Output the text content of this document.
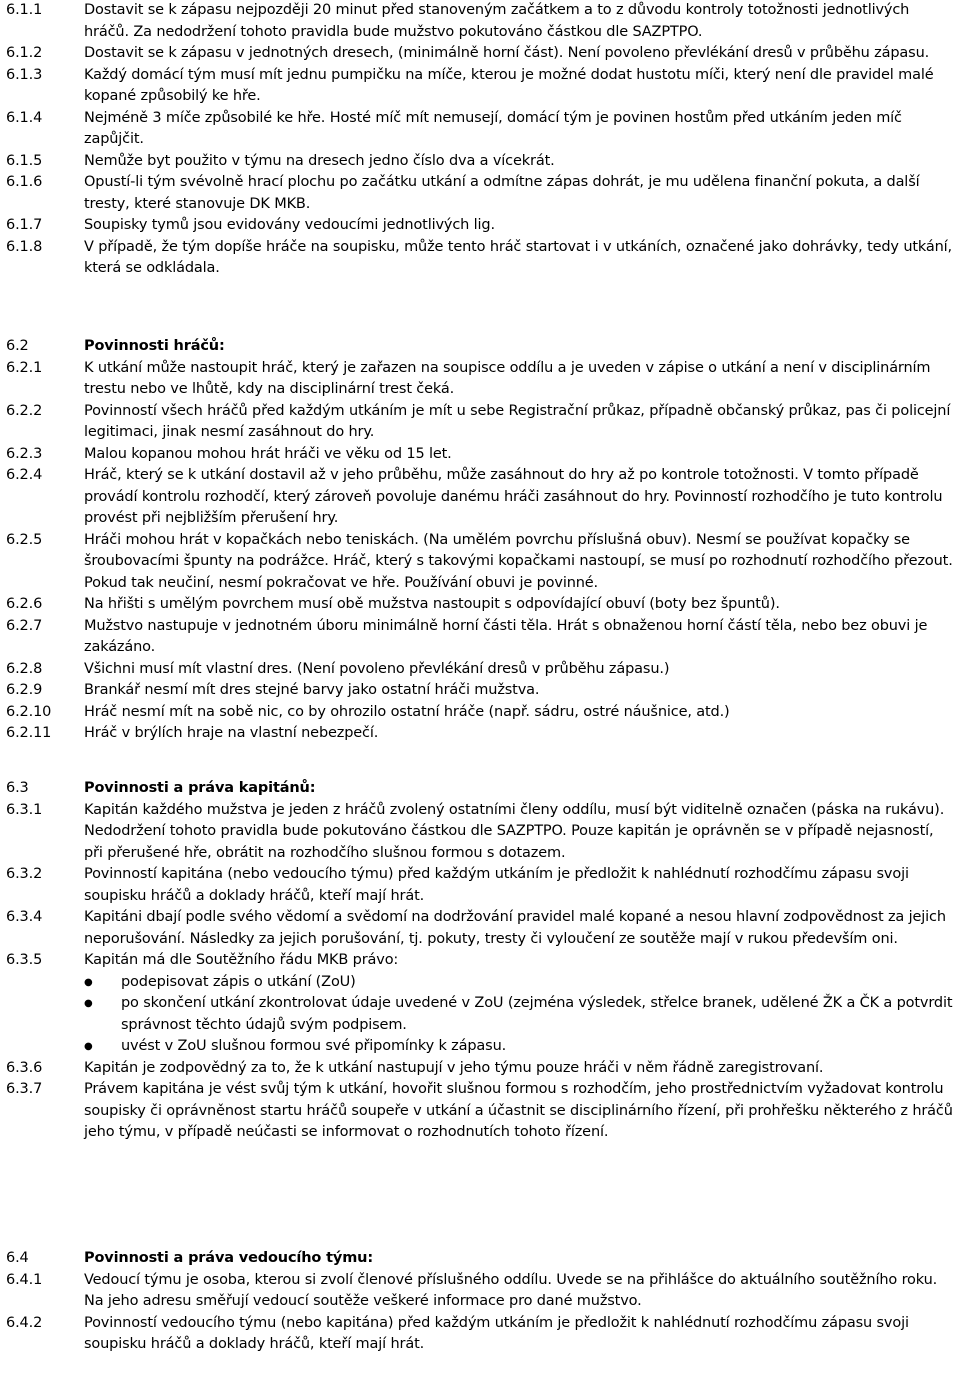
6.1.1	Dostavit se k zápasu nejpozději 20 minut před stanoveným začátkem a to z důvodu kontroly totožnosti jednotlivých hráčů. Za nedodržení tohoto pravidla bude mužstvo pokutováno částkou dle SAZPTPO.
6.1.2	Dostavit se k zápasu v jednotných dresech, (minimálně horní část). Není povoleno převlékání dresů v průběhu zápasu.
6.1.3	Každý domácí tým musí mít jednu pumpičku na míče, kterou je možné dodat hustotu míči, který není dle pravidel malé kopané způsobilý ke hře.
6.1.4	Nejméně 3 míče způsobilé ke hře. Hosté míč mít nemusejí, domácí tým je povinen hostům před utkáním jeden míč zapůjčit.
6.1.5	Nemůže byt použito v týmu na dresech jedno číslo dva a vícekrát.
6.1.6	Opustí-li tým svévolně hrací plochu po začátku utkání a odmítne zápas dohrát, je mu udělena finanční pokuta, a další tresty, které stanovuje DK MKB.
6.1.7	Soupisky tymů jsou evidovány vedoucími jednotlivých lig.
6.1.8	V případě, že tým dopíše hráče na soupisku, může tento hráč startovat i v utkáních, označené jako dohrávky, tedy utkání, která se odkládala.
6.2	Povinnosti hráčů:
6.2.1	K utkání může nastoupit hráč, který je zařazen na soupisce oddílu a je uveden v zápise o utkání a není v disciplinárním trestu nebo ve lhůtě, kdy na disciplinární trest čeká.
6.2.2	Povinností všech hráčů před každým utkáním je mít u sebe Registrační průkaz, případně občanský průkaz, pas či policejní legitimaci, jinak nesmí zasáhnout do hry.
6.2.3	Malou kopanou mohou hrát hráči ve věku od 15 let.
6.2.4	Hráč, který se k utkání dostavil až v jeho průběhu, může zasáhnout do hry až po kontrole totožnosti. V tomto případě provádí kontrolu rozhodčí, který zároveň povoluje danému hráči zasáhnout do hry. Povinností rozhodčího je tuto kontrolu provést při nejbližším přerušení hry.
6.2.5	Hráči mohou hrát v kopačkách nebo teniskách. (Na umělém povrchu příslušná obuv). Nesmí se používat kopačky se šroubovacími špunty na podrážce. Hráč, který s takovými kopačkami nastoupí, se musí po rozhodnutí rozhodčího přezout. Pokud tak neučiní, nesmí pokračovat ve hře. Používání obuvi je povinné.
6.2.6	Na hřišti s umělým povrchem musí obě mužstva nastoupit s odpovídající obuví (boty bez špuntů).
6.2.7	Mužstvo nastupuje v jednotném úboru minimálně horní části těla. Hrát s obnaženou horní částí těla, nebo bez obuvi je zakázáno.
6.2.8	Všichni musí mít vlastní dres. (Není povoleno převlékání dresů v průběhu zápasu.)
6.2.9	Brankář nesmí mít dres stejné barvy jako ostatní hráči mužstva.
6.2.10	Hráč nesmí mít na sobě nic, co by ohrozilo ostatní hráče (např. sádru, ostré náušnice, atd.)
6.2.11	Hráč v brýlích hraje na vlastní nebezpečí.
6.3	Povinnosti a práva kapitánů:
6.3.1	Kapitán každého mužstva je jeden z hráčů zvolený ostatními členy oddílu, musí být viditelně označen (páska na rukávu). Nedodržení tohoto pravidla bude pokutováno částkou dle SAZPTPO. Pouze kapitán je oprávněn se v případě nejasností, při přerušené hře, obrátit na rozhodčího slušnou formou s dotazem.
6.3.2	Povinností kapitána (nebo vedoucího týmu) před každým utkáním je předložit k nahlédnutí rozhodčímu zápasu svoji soupisku hráčů a doklady hráčů, kteří mají hrát.
6.3.4	Kapitáni dbají podle svého vědomí a svědomí na dodržování pravidel malé kopané a nesou hlavní zodpovědnost za jejich neporušování. Následky za jejich porušování, tj. pokuty, tresty či vyloučení ze soutěže mají v rukou především oni.
6.3.5	Kapitán má dle Soutěžního řádu MKB právo:
●	podepisovat zápis o utkání (ZoU)
●	po skončení utkání zkontrolovat údaje uvedené v ZoU (zejména výsledek, střelce branek, udělené ŽK a ČK a potvrdit správnost těchto údajů svým podpisem.
●	uvést v ZoU slušnou formou své připomínky k zápasu.
6.3.6	Kapitán je zodpovědný za to, že k utkání nastupují v jeho týmu pouze hráči v něm řádně zaregistrovaní.
6.3.7	Právem kapitána je vést svůj tým k utkání, hovořit slušnou formou s rozhodčím, jeho prostřednictvím vyžadovat kontrolu soupisky či oprávněnost startu hráčů soupeře v utkání a účastnit se disciplinárního řízení, při prohřešku některého z hráčů jeho týmu, v případě neúčasti se informovat o rozhodnutích tohoto řízení.
6.4	Povinnosti a práva vedoucího týmu:
6.4.1	Vedoucí týmu je osoba, kterou si zvolí členové příslušného oddílu. Uvede se na přihlášce do aktuálního soutěžního roku. Na jeho adresu směřují vedoucí soutěže veškeré informace pro dané mužstvo.
6.4.2	Povinností vedoucího týmu (nebo kapitána) před každým utkáním je předložit k nahlédnutí rozhodčímu zápasu svoji soupisku hráčů a doklady hráčů, kteří mají hrát.
